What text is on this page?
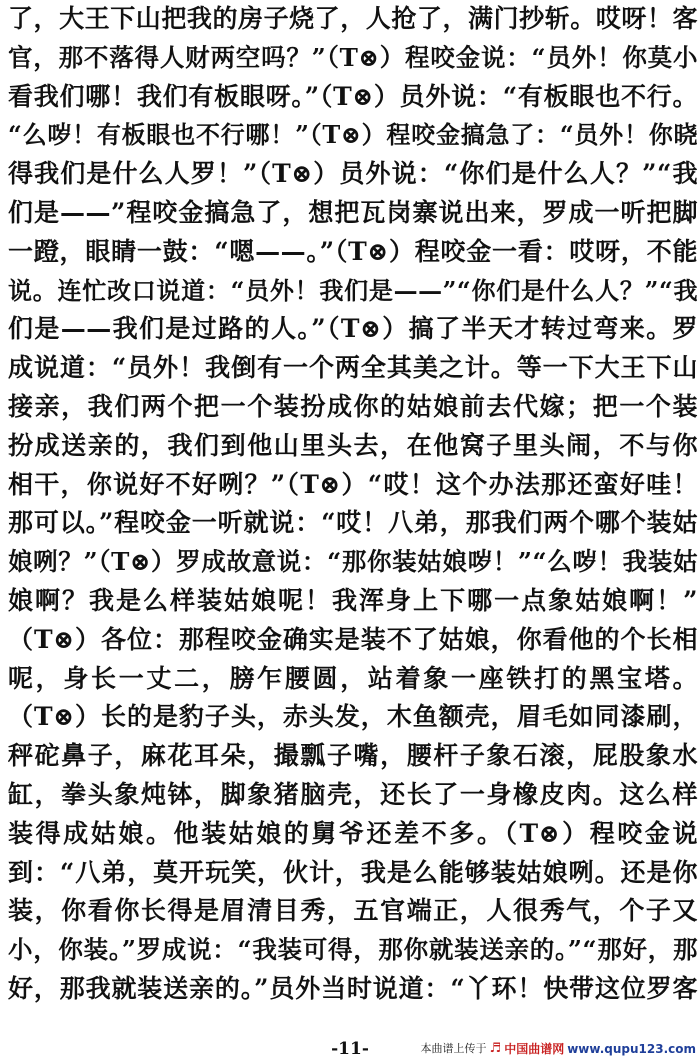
了，大王下山把我的房子烧了，人抢了，满门抄斩。哎呀！客
官，那不落得人财两空吗？”（T⊗）程咬金说：“员外！你莫小
看我们哪！我们有板眼呀。”（T⊗）员外说：“有板眼也不行。
“么哕！有板眼也不行哪！”（T⊗）程咬金搞急了：“员外！你晓
得我们是什么人罗！”（T⊗）员外说：“你们是什么人？”“我
们是——”程咬金搞急了，想把瓦岗寨说出来，罗成一听把脚
一蹬，眼睛一鼓：“嗯——。”（T⊗）程咬金一看：哎呀，不能
说。连忙改口说道：“员外！我们是——”“你们是什么人？”“我
们是——我们是过路的人。”（T⊗）搞了半天才转过弯来。罗
成说道：“员外！我倒有一个两全其美之计。等一下大王下山
接亲，我们两个把一个装扮成你的姑娘前去代嫁；把一个装
扮成送亲的，我们到他山里头去，在他窝子里头闹，不与你
相干，你说好不好咧？”（T⊗）“哎！这个办法那还蛮好哇！
那可以。”程咬金一听就说：“哎！八弟，那我们两个哪个装姑
娘咧？”（T⊗）罗成故意说：“那你装姑娘哕！”“么哕！我装姑
娘啊？我是么样装姑娘呢！我浑身上下哪一点象姑娘啊！”
（T⊗）各位：那程咬金确实是装不了姑娘，你看他的个长相
呢，身长一丈二，膀乍腰圆，站着象一座铁打的黑宝塔。
（T⊗）长的是豹子头，赤头发，木鱼额壳，眉毛如同漆刷，
秤砣鼻子，麻花耳朵，撮瓢子嘴，腰杆子象石滚，屁股象水
缸，拳头象炖钵，脚象猪脑壳，还长了一身橡皮肉。这么样
装得成姑娘。他装姑娘的舅爷还差不多。（T⊗）程咬金说
到：“八弟，莫开玩笑，伙计，我是么能够装姑娘咧。还是你
装，你看你长得是眉清目秀，五官端正，人很秀气，个子又
小，你装。”罗成说：“我装可得，那你就装送亲的。”“那好，那
好，那我就装送亲的。”员外当时说道：“丫环！快带这位罗客
-11-	本曲谱上传于 ♬ 中国曲谱网 www.qupu123.com
